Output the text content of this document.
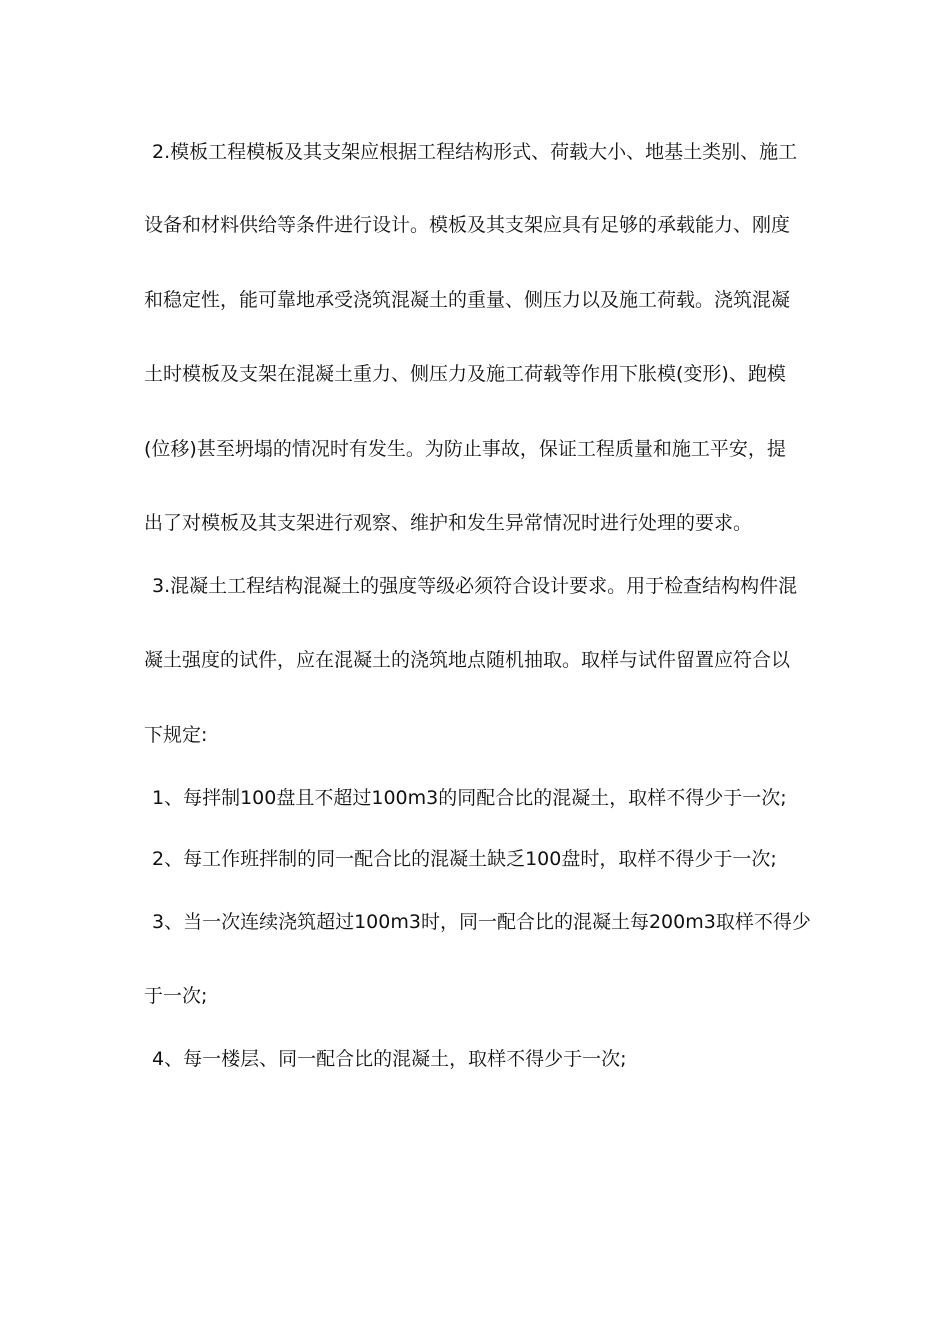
2.模板工程模板及其支架应根据工程结构形式、荷载大小、地基土类别、施工
设备和材料供给等条件进行设计。模板及其支架应具有足够的承载能力、刚度
和稳定性，能可靠地承受浇筑混凝土的重量、侧压力以及施工荷载。浇筑混凝
土时模板及支架在混凝土重力、侧压力及施工荷载等作用下胀模(变形)、跑模
(位移)甚至坍塌的情况时有发生。为防止事故，保证工程质量和施工平安，提
出了对模板及其支架进行观察、维护和发生异常情况时进行处理的要求。
3.混凝土工程结构混凝土的强度等级必须符合设计要求。用于检查结构构件混
凝土强度的试件，应在混凝土的浇筑地点随机抽取。取样与试件留置应符合以
下规定:
1、每拌制100盘且不超过100m3的同配合比的混凝土，取样不得少于一次;
2、每工作班拌制的同一配合比的混凝土缺乏100盘时，取样不得少于一次;
3、当一次连续浇筑超过100m3时，同一配合比的混凝土每200m3取样不得少
于一次;
4、每一楼层、同一配合比的混凝土，取样不得少于一次;
